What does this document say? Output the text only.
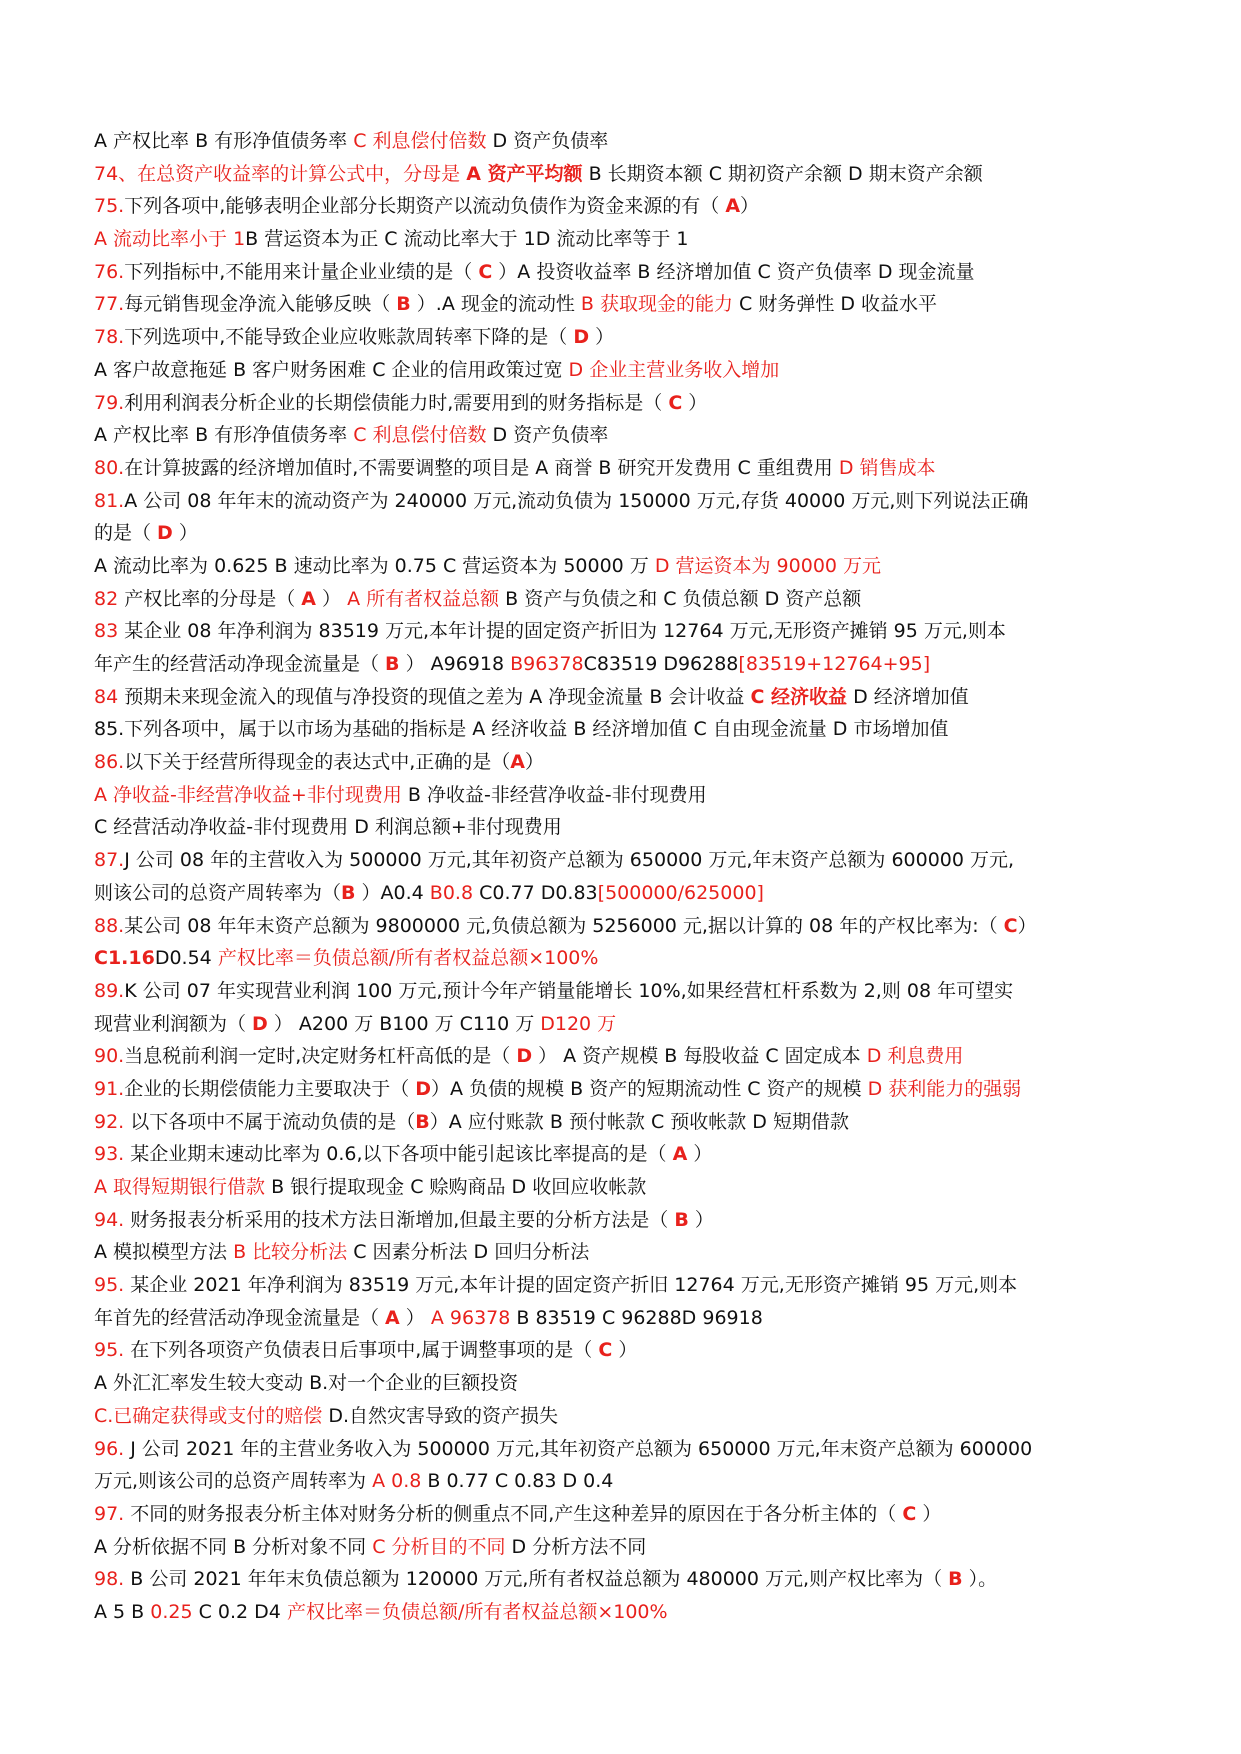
A 产权比率 B 有形净值债务率 C 利息偿付倍数 D 资产负债率
74、在总资产收益率的计算公式中，分母是 A 资产平均额 B 长期资本额 C 期初资产余额 D 期末资产余额
75.下列各项中,能够表明企业部分长期资产以流动负债作为资金来源的有（ A）
A 流动比率小于 1B 营运资本为正 C 流动比率大于 1D 流动比率等于 1
76.下列指标中,不能用来计量企业业绩的是（ C ）A 投资收益率 B 经济增加值 C 资产负债率 D 现金流量
77.每元销售现金净流入能够反映（ B ）.A 现金的流动性 B 获取现金的能力 C 财务弹性 D 收益水平
78.下列选项中,不能导致企业应收账款周转率下降的是（ D ）
A 客户故意拖延 B 客户财务困难 C 企业的信用政策过宽 D 企业主营业务收入增加
79.利用利润表分析企业的长期偿债能力时,需要用到的财务指标是（ C ）
A 产权比率 B 有形净值债务率 C 利息偿付倍数 D 资产负债率
80.在计算披露的经济增加值时,不需要调整的项目是 A 商誉 B 研究开发费用 C 重组费用 D 销售成本
81.A 公司 08 年年末的流动资产为 240000 万元,流动负债为 150000 万元,存货 40000 万元,则下列说法正确
的是（ D ）
A 流动比率为 0.625 B 速动比率为 0.75 C 营运资本为 50000 万 D 营运资本为 90000 万元
82 产权比率的分母是（ A ） A 所有者权益总额 B 资产与负债之和 C 负债总额 D 资产总额
83 某企业 08 年净利润为 83519 万元,本年计提的固定资产折旧为 12764 万元,无形资产摊销 95 万元,则本
年产生的经营活动净现金流量是（ B ） A96918 B96378C83519 D96288[83519+12764+95]
84 预期未来现金流入的现值与净投资的现值之差为 A 净现金流量 B 会计收益 C 经济收益 D 经济增加值
85.下列各项中，属于以市场为基础的指标是 A 经济收益 B 经济增加值 C 自由现金流量 D 市场增加值
86.以下关于经营所得现金的表达式中,正确的是（A）
A 净收益-非经营净收益+非付现费用 B 净收益-非经营净收益-非付现费用
C 经营活动净收益-非付现费用 D 利润总额+非付现费用
87.J 公司 08 年的主营收入为 500000 万元,其年初资产总额为 650000 万元,年末资产总额为 600000 万元,
则该公司的总资产周转率为（B ）A0.4 B0.8 C0.77 D0.83[500000/625000]
88.某公司 08 年年末资产总额为 9800000 元,负债总额为 5256000 元,据以计算的 08 年的产权比率为:（ C）
C1.16D0.54 产权比率＝负债总额/所有者权益总额×100%
89.K 公司 07 年实现营业利润 100 万元,预计今年产销量能增长 10%,如果经营杠杆系数为 2,则 08 年可望实
现营业利润额为（ D ） A200 万 B100 万 C110 万 D120 万
90.当息税前利润一定时,决定财务杠杆高低的是（ D ） A 资产规模 B 每股收益 C 固定成本 D 利息费用
91.企业的长期偿债能力主要取决于（ D）A 负债的规模 B 资产的短期流动性 C 资产的规模 D 获利能力的强弱
92. 以下各项中不属于流动负债的是（B）A 应付账款 B 预付帐款 C 预收帐款 D 短期借款
93. 某企业期末速动比率为 0.6,以下各项中能引起该比率提高的是（ A ）
A 取得短期银行借款 B 银行提取现金 C 赊购商品 D 收回应收帐款
94. 财务报表分析采用的技术方法日渐增加,但最主要的分析方法是（ B ）
A 模拟模型方法 B 比较分析法 C 因素分析法 D 回归分析法
95. 某企业 2021 年净利润为 83519 万元,本年计提的固定资产折旧 12764 万元,无形资产摊销 95 万元,则本
年首先的经营活动净现金流量是（ A ） A 96378 B 83519 C 96288D 96918
95. 在下列各项资产负债表日后事项中,属于调整事项的是（ C ）
A 外汇汇率发生较大变动 B.对一个企业的巨额投资
C.已确定获得或支付的赔偿 D.自然灾害导致的资产损失
96. J 公司 2021 年的主营业务收入为 500000 万元,其年初资产总额为 650000 万元,年末资产总额为 600000
万元,则该公司的总资产周转率为 A 0.8 B 0.77 C 0.83 D 0.4
97. 不同的财务报表分析主体对财务分析的侧重点不同,产生这种差异的原因在于各分析主体的（ C ）
A 分析依据不同 B 分析对象不同 C 分析目的不同 D 分析方法不同
98. B 公司 2021 年年末负债总额为 120000 万元,所有者权益总额为 480000 万元,则产权比率为（ B ）。
A 5 B 0.25 C 0.2 D4 产权比率＝负债总额/所有者权益总额×100%
